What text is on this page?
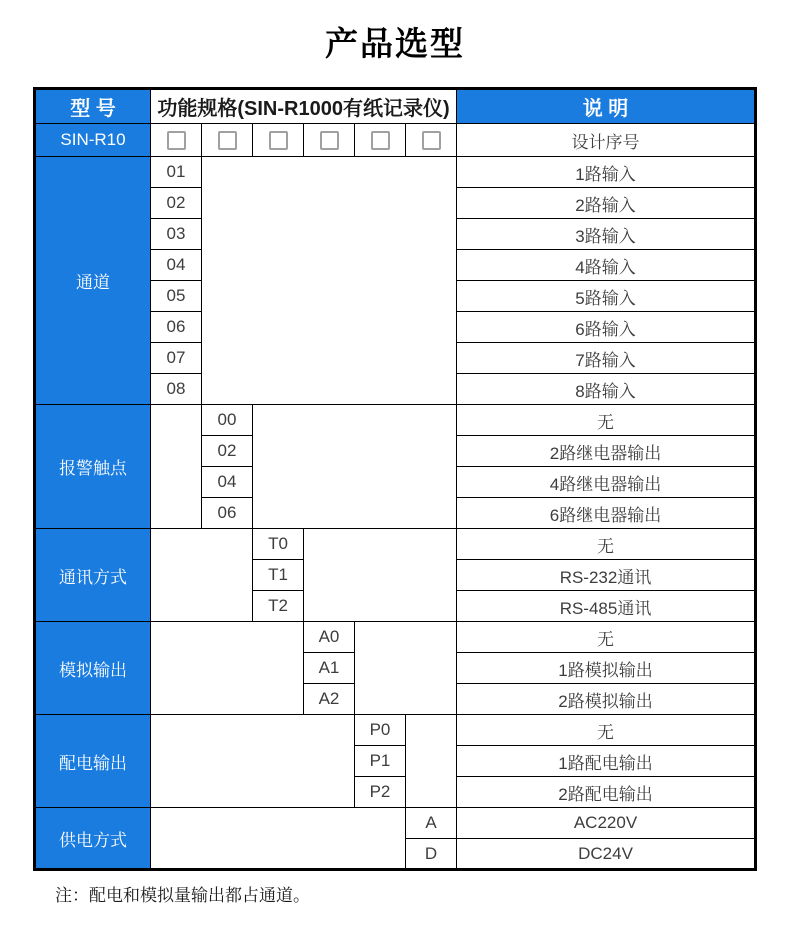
产品选型
型 号	功能规格(SIN-R1000有纸记录仪)						说 明
SIN-R10							设计序号
通道	01						1路输入
	02						2路输入
	03						3路输入
	04						4路输入
	05						5路输入
	06						6路输入
	07						7路输入
	08						8路输入
报警触点		00					无
		02					2路继电器输出
		04					4路继电器输出
		06					6路继电器输出
通讯方式			T0				无
			T1				RS-232通讯
			T2				RS-485通讯
模拟输出				A0			无
				A1			1路模拟输出
				A2			2路模拟输出
配电输出					P0		无
					P1		1路配电输出
					P2		2路配电输出
供电方式						A	AC220V
						D	DC24V

注：配电和模拟量输出都占通道。
